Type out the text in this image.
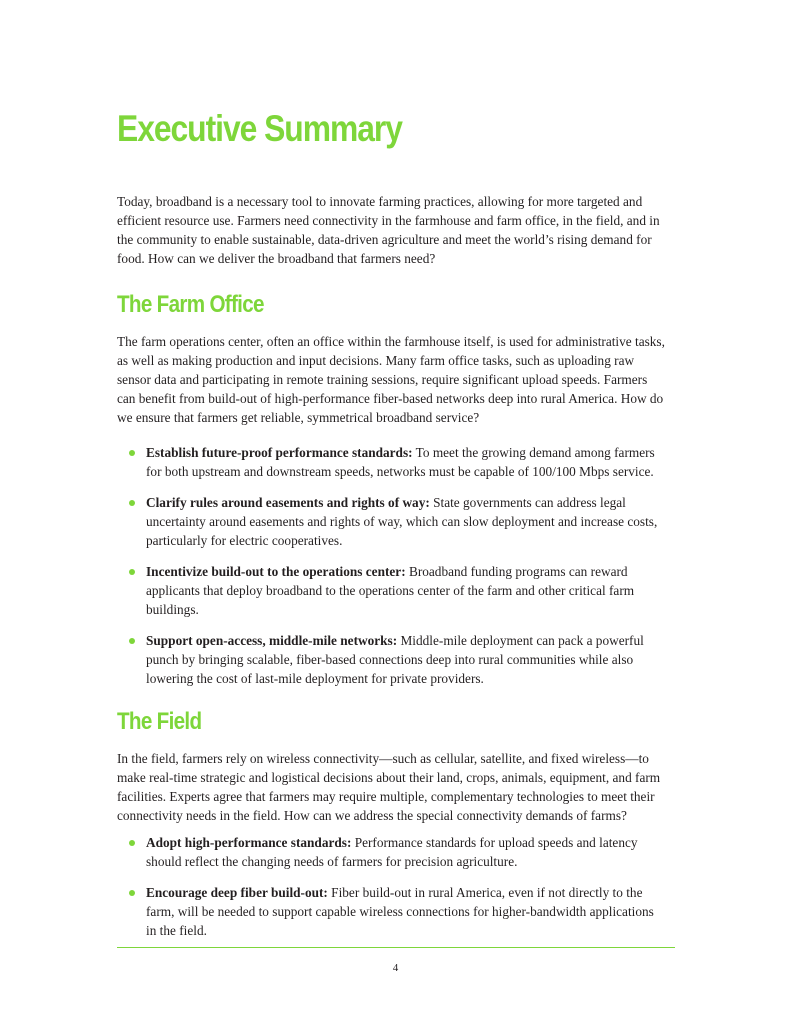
Executive Summary

Today, broadband is a necessary tool to innovate farming practices, allowing for more targeted and efficient resource use. Farmers need connectivity in the farmhouse and farm office, in the field, and in the community to enable sustainable, data-driven agriculture and meet the world’s rising demand for food. How can we deliver the broadband that farmers need?

The Farm Office

The farm operations center, often an office within the farmhouse itself, is used for administrative tasks, as well as making production and input decisions. Many farm office tasks, such as uploading raw sensor data and participating in remote training sessions, require significant upload speeds. Farmers can benefit from build-out of high-performance fiber-based networks deep into rural America. How do we ensure that farmers get reliable, symmetrical broadband service?

Establish future-proof performance standards: To meet the growing demand among farmers for both upstream and downstream speeds, networks must be capable of 100/100 Mbps service.
Clarify rules around easements and rights of way: State governments can address legal uncertainty around easements and rights of way, which can slow deployment and increase costs, particularly for electric cooperatives.
Incentivize build-out to the operations center: Broadband funding programs can reward applicants that deploy broadband to the operations center of the farm and other critical farm buildings.
Support open-access, middle-mile networks: Middle-mile deployment can pack a powerful punch by bringing scalable, fiber-based connections deep into rural communities while also lowering the cost of last-mile deployment for private providers.
The Field

In the field, farmers rely on wireless connectivity—such as cellular, satellite, and fixed wireless—to make real-time strategic and logistical decisions about their land, crops, animals, equipment, and farm facilities. Experts agree that farmers may require multiple, complementary technologies to meet their connectivity needs in the field. How can we address the special connectivity demands of farms?

Adopt high-performance standards: Performance standards for upload speeds and latency should reflect the changing needs of farmers for precision agriculture.
Encourage deep fiber build-out: Fiber build-out in rural America, even if not directly to the farm, will be needed to support capable wireless connections for higher-bandwidth applications in the field.
4
